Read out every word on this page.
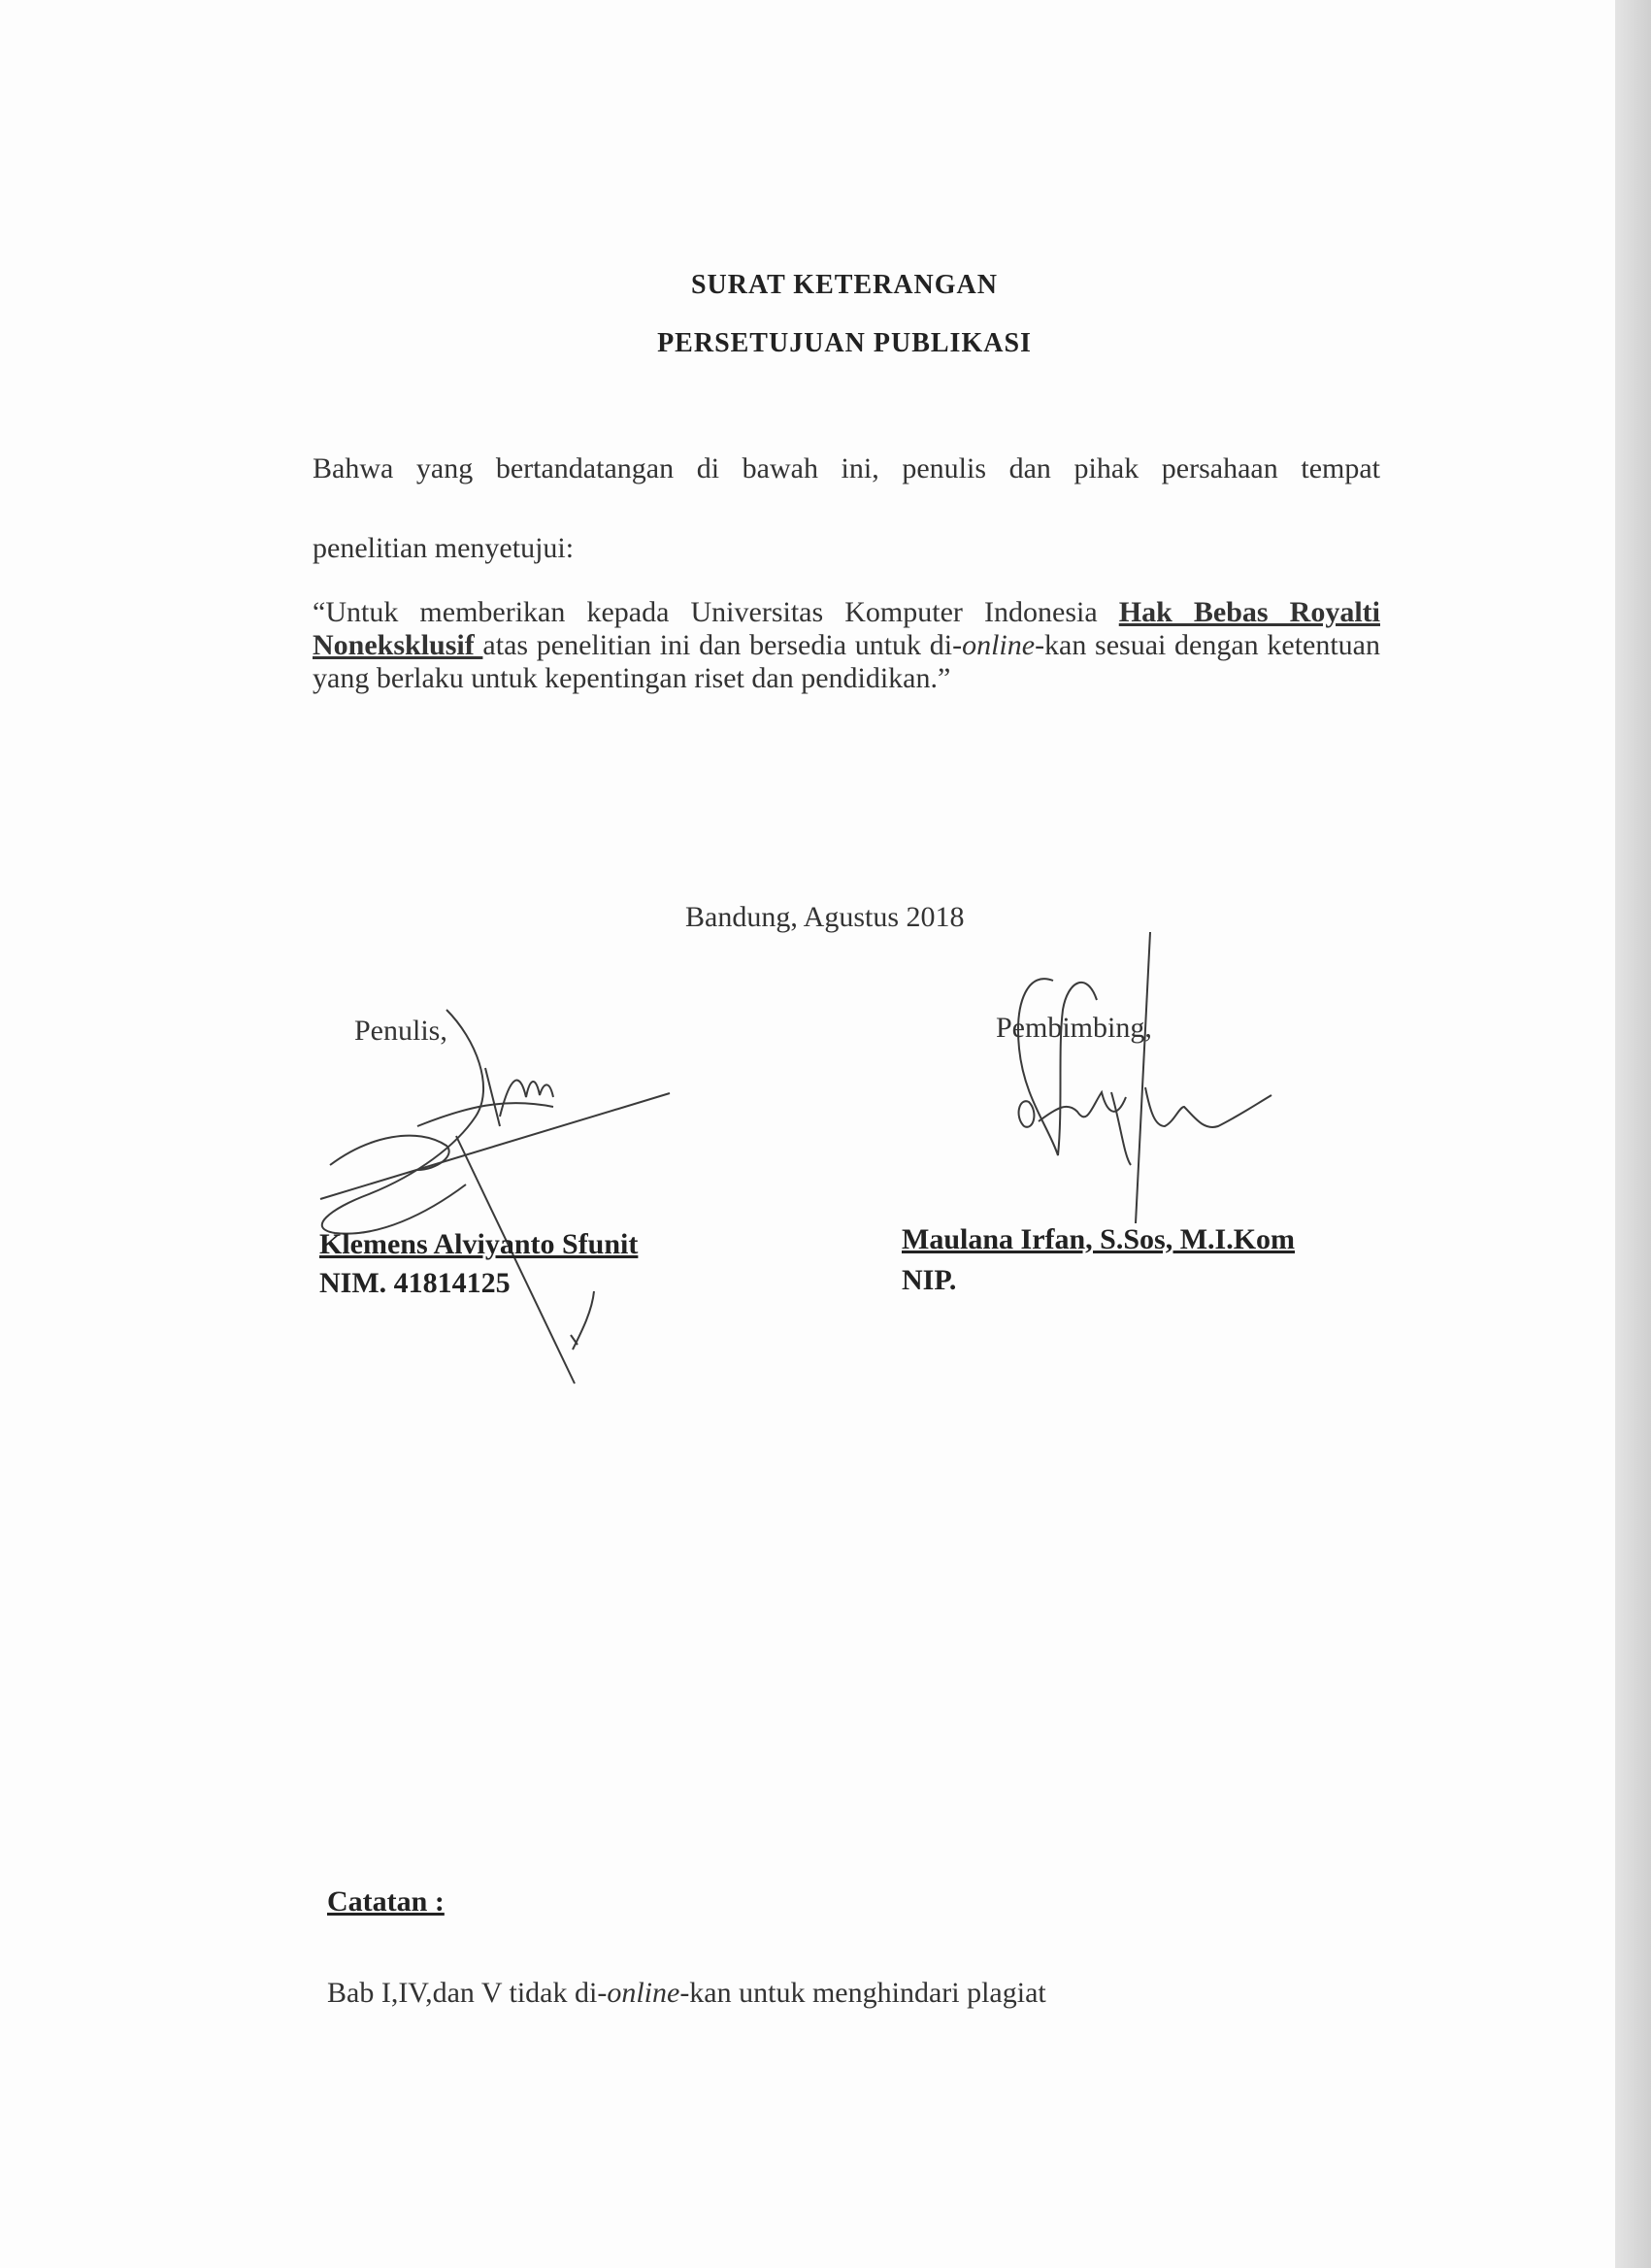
SURAT KETERANGAN
PERSETUJUAN PUBLIKASI
Bahwa yang bertandatangan di bawah ini, penulis dan pihak persahaan tempat
penelitian menyetujui:
“Untuk memberikan kepada Universitas Komputer Indonesia Hak Bebas Royalti Noneksklusif atas penelitian ini dan bersedia untuk di-online-kan sesuai dengan ketentuan yang berlaku untuk kepentingan riset dan pendidikan.”
Bandung, Agustus 2018
Penulis,	Pembimbing,
Klemens Alviyanto Sfunit
NIM. 41814125
Maulana Irfan, S.Sos, M.I.Kom
NIP.
Catatan :
Bab I,IV,dan V tidak di-online-kan untuk menghindari plagiat
